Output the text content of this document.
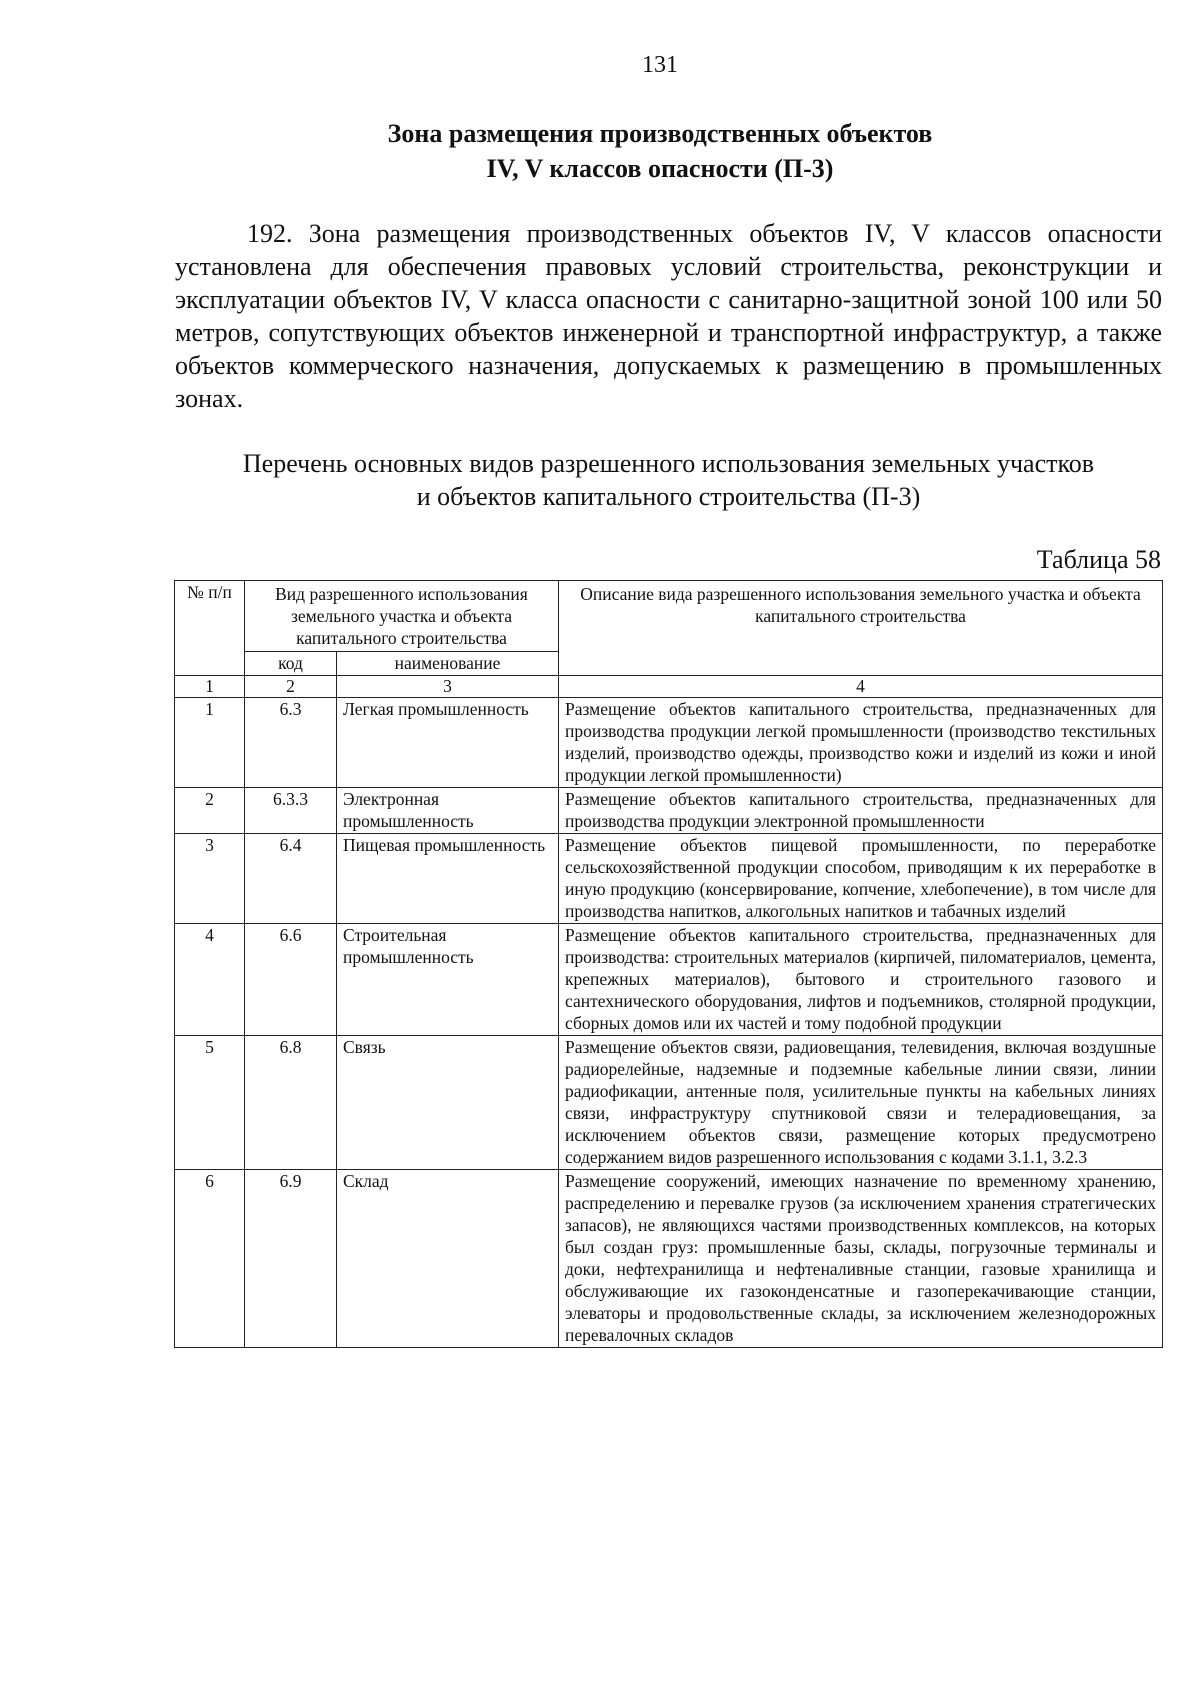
131
Зона размещения производственных объектов
IV, V классов опасности (П-3)

192. Зона размещения производственных объектов IV, V классов опасности установлена для обеспечения правовых условий строительства, реконструкции и эксплуатации объектов IV, V класса опасности с санитарно-защитной зоной 100 или 50 метров, сопутствующих объектов инженерной и транспортной инфраструктур, а также объектов коммерческого назначения, допускаемых к размещению в промышленных зонах.

Перечень основных видов разрешенного использования земельных участков
и объектов капитального строительства (П-3)
Таблица 58
№ п/п	Вид разрешенного использования земельного участка и объекта капитального строительства		Описание вида разрешенного использования земельного участка и объекта капитального строительства
	код	наименование	
1	2	3	4
1	6.3	Легкая промышленность	Размещение объектов капитального строительства, предназначенных для производства продукции легкой промышленности (производство текстильных изделий, производство одежды, производство кожи и изделий из кожи и иной продукции легкой промышленности)
2	6.3.3	Электронная промышленность	Размещение объектов капитального строительства, предназначенных для производства продукции электронной промышленности
3	6.4	Пищевая промышленность	Размещение объектов пищевой промышленности, по переработке сельскохозяйственной продукции способом, приводящим к их переработке в иную продукцию (консервирование, копчение, хлебопечение), в том числе для производства напитков, алкогольных напитков и табачных изделий
4	6.6	Строительная промышленность	Размещение объектов капитального строительства, предназначенных для производства: строительных материалов (кирпичей, пиломатериалов, цемента, крепежных материалов), бытового и строительного газового и сантехнического оборудования, лифтов и подъемников, столярной продукции, сборных домов или их частей и тому подобной продукции
5	6.8	Связь	Размещение объектов связи, радиовещания, телевидения, включая воздушные радиорелейные, надземные и подземные кабельные линии связи, линии радиофикации, антенные поля, усилительные пункты на кабельных линиях связи, инфраструктуру спутниковой связи и телерадиовещания, за исключением объектов связи, размещение которых предусмотрено содержанием видов разрешенного использования с кодами 3.1.1, 3.2.3
6	6.9	Склад	Размещение сооружений, имеющих назначение по временному хранению, распределению и перевалке грузов (за исключением хранения стратегических запасов), не являющихся частями производственных комплексов, на которых был создан груз: промышленные базы, склады, погрузочные терминалы и доки, нефтехранилища и нефтеналивные станции, газовые хранилища и обслуживающие их газоконденсатные и газоперекачивающие станции, элеваторы и продовольственные склады, за исключением железнодорожных перевалочных складов
